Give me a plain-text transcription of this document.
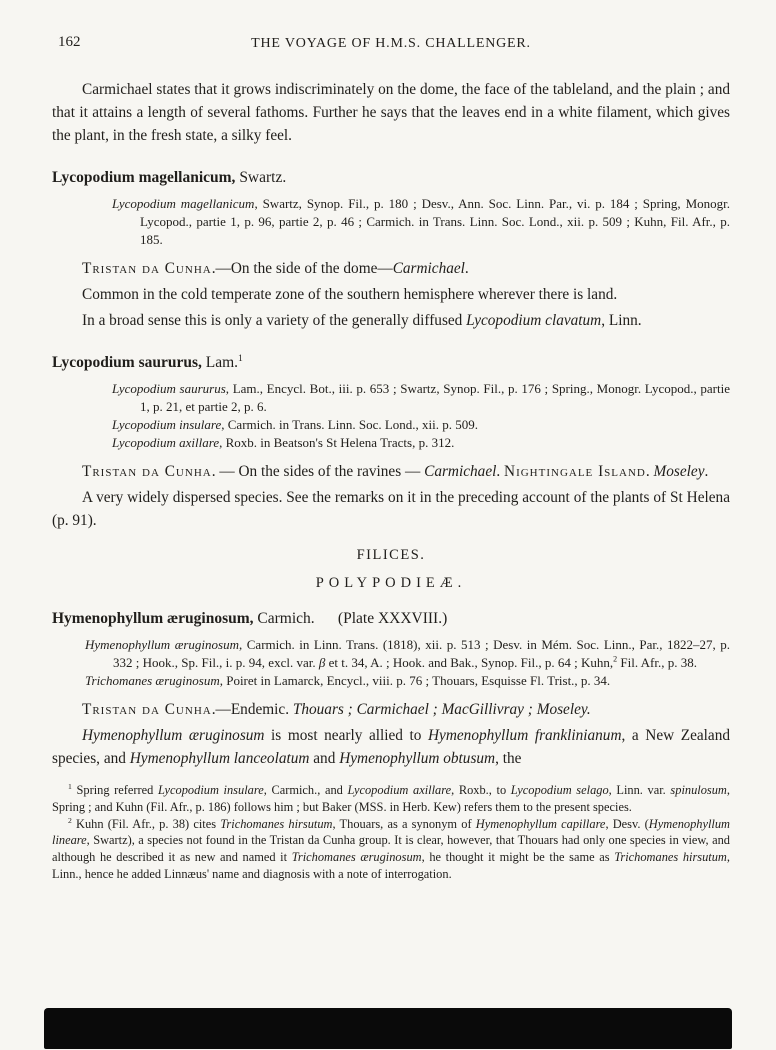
162	THE VOYAGE OF H.M.S. CHALLENGER.

Carmichael states that it grows indiscriminately on the dome, the face of the tableland, and the plain ; and that it attains a length of several fathoms. Further he says that the leaves end in a white filament, which gives the plant, in the fresh state, a silky feel.

Lycopodium magellanicum, Swartz.

Lycopodium magellanicum, Swartz, Synop. Fil., p. 180 ; Desv., Ann. Soc. Linn. Par., vi. p. 184 ; Spring, Monogr. Lycopod., partie 1, p. 96, partie 2, p. 46 ; Carmich. in Trans. Linn. Soc. Lond., xii. p. 509 ; Kuhn, Fil. Afr., p. 185.

Tristan da Cunha.—On the side of the dome—Carmichael.

Common in the cold temperate zone of the southern hemisphere wherever there is land.

In a broad sense this is only a variety of the generally diffused Lycopodium clavatum, Linn.

Lycopodium saururus, Lam.$^1$

Lycopodium saururus, Lam., Encycl. Bot., iii. p. 653 ; Swartz, Synop. Fil., p. 176 ; Spring., Monogr. Lycopod., partie 1, p. 21, et partie 2, p. 6.

Lycopodium insulare, Carmich. in Trans. Linn. Soc. Lond., xii. p. 509.

Lycopodium axillare, Roxb. in Beatson's St Helena Tracts, p. 312.

Tristan da Cunha. — On the sides of the ravines — Carmichael. Nightingale Island. Moseley.

A very widely dispersed species. See the remarks on it in the preceding account of the plants of St Helena (p. 91).

FILICES.
POLYPODIEÆ.
Hymenophyllum æruginosum, Carmich.  (Plate XXXVIII.)

Hymenophyllum æruginosum, Carmich. in Linn. Trans. (1818), xii. p. 513 ; Desv. in Mém. Soc. Linn., Par., 1822–27, p. 332 ; Hook., Sp. Fil., i. p. 94, excl. var. β et t. 34, A. ; Hook. and Bak., Synop. Fil., p. 64 ; Kuhn,$^2$ Fil. Afr., p. 38.

Trichomanes æruginosum, Poiret in Lamarck, Encycl., viii. p. 76 ; Thouars, Esquisse Fl. Trist., p. 34.

Tristan da Cunha.—Endemic. Thouars ; Carmichael ; MacGillivray ; Moseley.

Hymenophyllum æruginosum is most nearly allied to Hymenophyllum franklinianum, a New Zealand species, and Hymenophyllum lanceolatum and Hymenophyllum obtusum, the

$^1$ Spring referred Lycopodium insulare, Carmich., and Lycopodium axillare, Roxb., to Lycopodium selago, Linn. var. spinulosum, Spring ; and Kuhn (Fil. Afr., p. 186) follows him ; but Baker (MSS. in Herb. Kew) refers them to the present species.

$^2$ Kuhn (Fil. Afr., p. 38) cites Trichomanes hirsutum, Thouars, as a synonym of Hymenophyllum capillare, Desv. (Hymenophyllum lineare, Swartz), a species not found in the Tristan da Cunha group. It is clear, however, that Thouars had only one species in view, and although he described it as new and named it Trichomanes æruginosum, he thought it might be the same as Trichomanes hirsutum, Linn., hence he added Linnæus' name and diagnosis with a note of interrogation.
